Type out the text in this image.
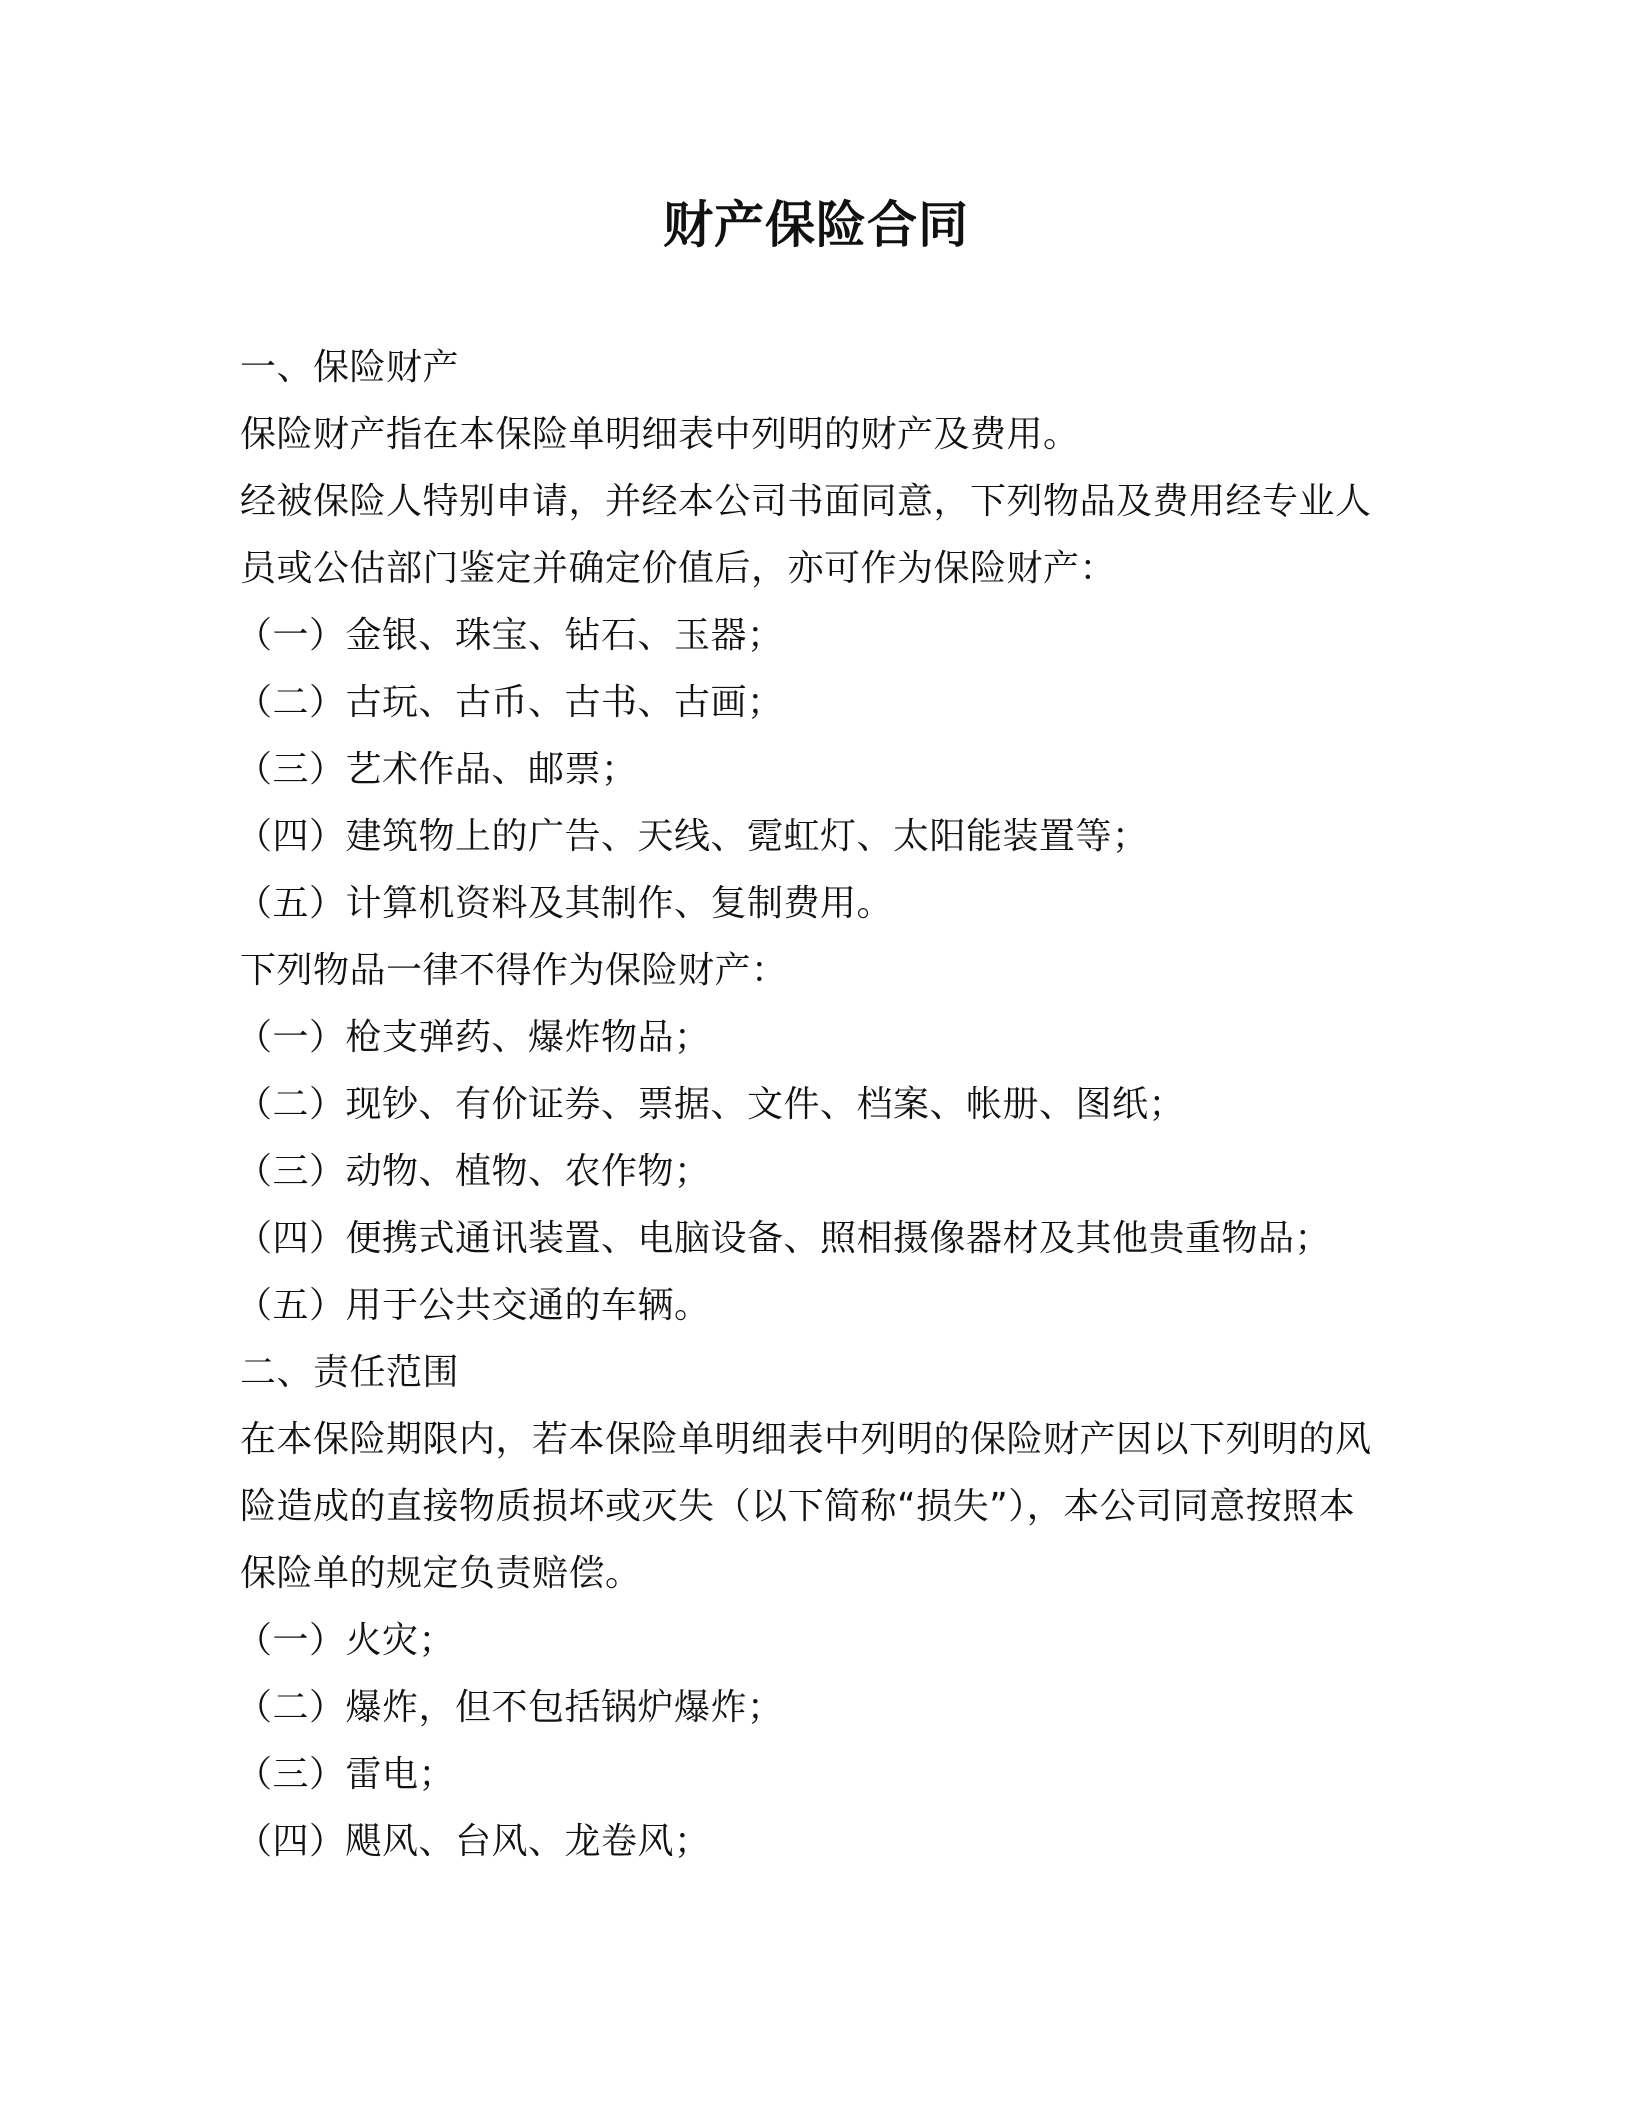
财产保险合同
一、保险财产
保险财产指在本保险单明细表中列明的财产及费用。
经被保险人特别申请，并经本公司书面同意，下列物品及费用经专业人
员或公估部门鉴定并确定价值后，亦可作为保险财产：
（一）金银、珠宝、钻石、玉器；
（二）古玩、古币、古书、古画；
（三）艺术作品、邮票；
（四）建筑物上的广告、天线、霓虹灯、太阳能装置等；
（五）计算机资料及其制作、复制费用。
下列物品一律不得作为保险财产：
（一）枪支弹药、爆炸物品；
（二）现钞、有价证券、票据、文件、档案、帐册、图纸；
（三）动物、植物、农作物；
（四）便携式通讯装置、电脑设备、照相摄像器材及其他贵重物品；
（五）用于公共交通的车辆。
二、责任范围
在本保险期限内，若本保险单明细表中列明的保险财产因以下列明的风
险造成的直接物质损坏或灭失（以下简称“损失”），本公司同意按照本
保险单的规定负责赔偿。
（一）火灾；
（二）爆炸，但不包括锅炉爆炸；
（三）雷电；
（四）飓风、台风、龙卷风；
